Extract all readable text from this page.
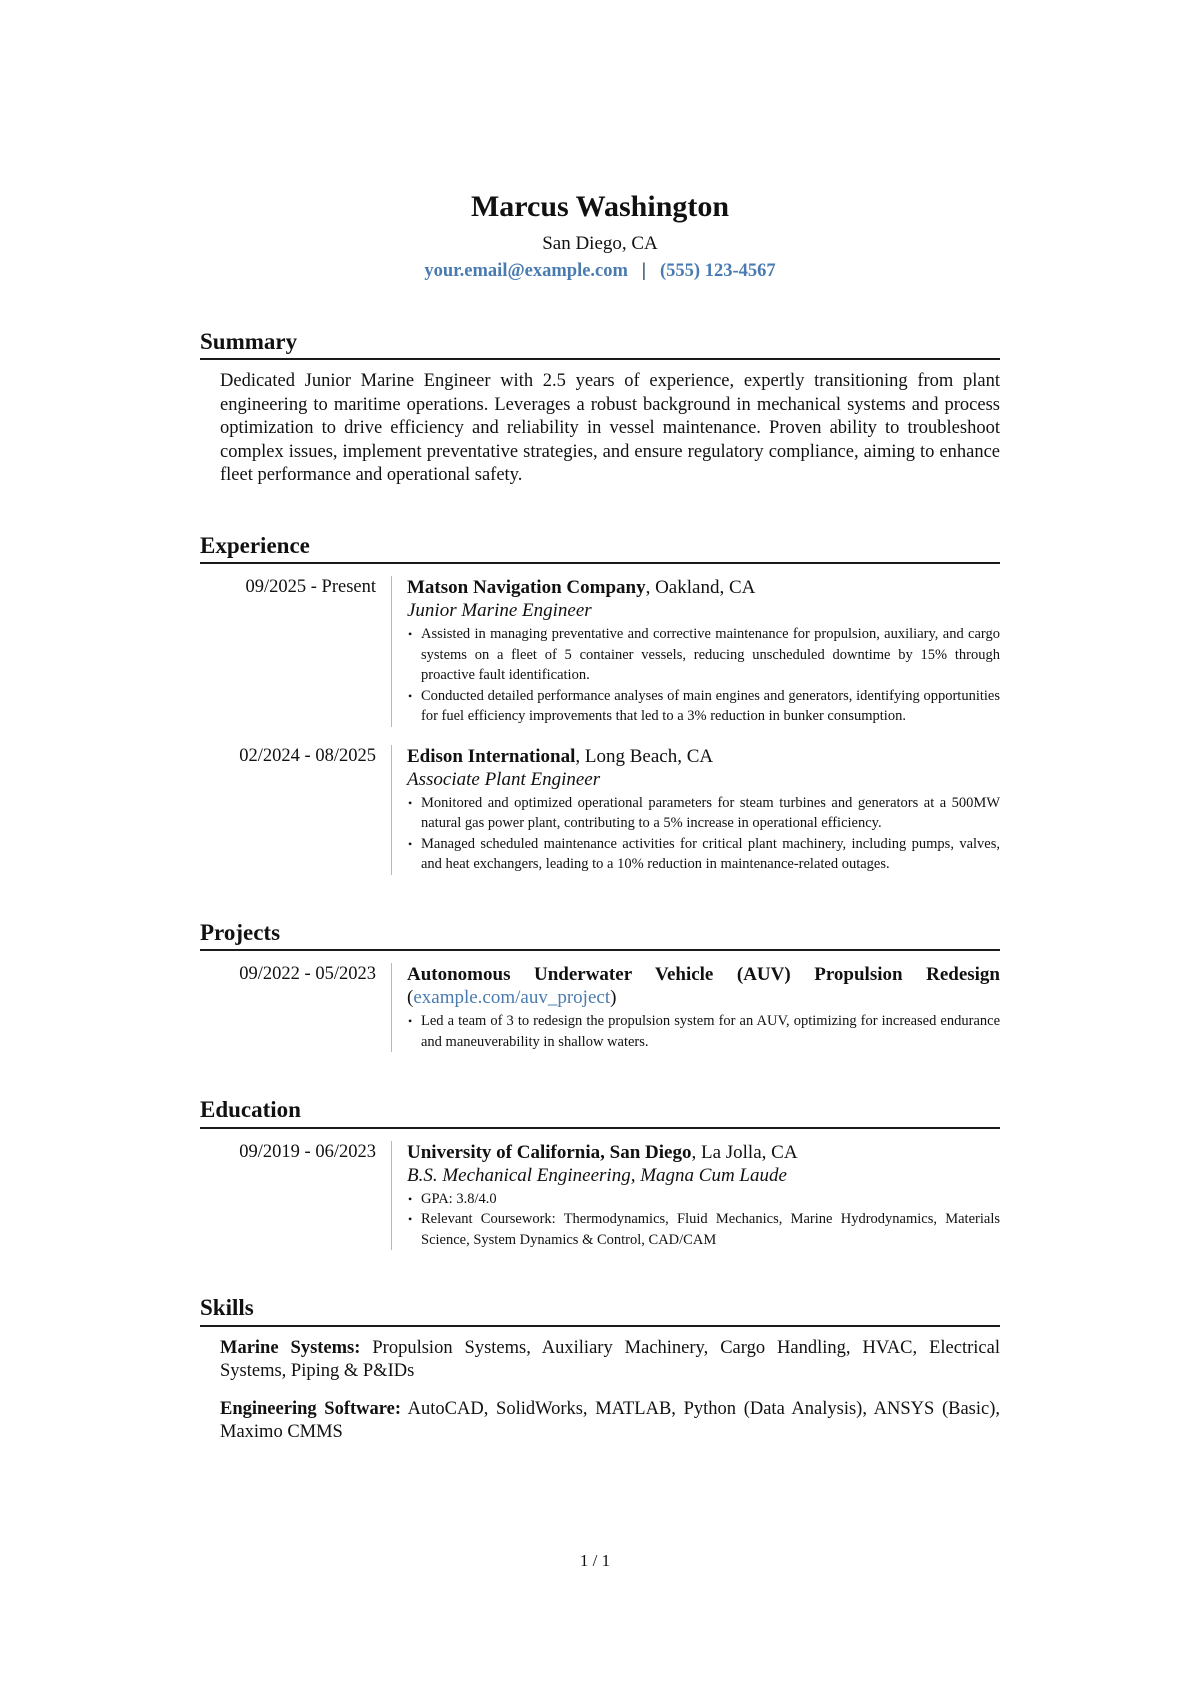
Marcus Washington
San Diego, CA
your.email@example.com | (555) 123-4567
Summary
Dedicated Junior Marine Engineer with 2.5 years of experience, expertly transitioning from plant engineering to maritime operations. Leverages a robust background in mechanical systems and process optimization to drive efficiency and reliability in vessel maintenance. Proven ability to troubleshoot complex issues, implement preventative strategies, and ensure regulatory compliance, aiming to enhance fleet performance and operational safety.
Experience
09/2025 - Present	Matson Navigation Company, Oakland, CA
Junior Marine Engineer
• Assisted in managing preventative and corrective maintenance for propulsion, auxiliary, and cargo systems on a fleet of 5 container vessels, reducing unscheduled downtime by 15% through proactive fault identification.
• Conducted detailed performance analyses of main engines and generators, identifying opportunities for fuel efficiency improvements that led to a 3% reduction in bunker consumption.
02/2024 - 08/2025	Edison International, Long Beach, CA
Associate Plant Engineer
• Monitored and optimized operational parameters for steam turbines and generators at a 500MW natural gas power plant, contributing to a 5% increase in operational efficiency.
• Managed scheduled maintenance activities for critical plant machinery, including pumps, valves, and heat exchangers, leading to a 10% reduction in maintenance-related outages.
Projects
09/2022 - 05/2023	Autonomous Underwater Vehicle (AUV) Propulsion Redesign
(example.com/auv_project)
• Led a team of 3 to redesign the propulsion system for an AUV, optimizing for increased endurance and maneuverability in shallow waters.
Education
09/2019 - 06/2023	University of California, San Diego, La Jolla, CA
B.S. Mechanical Engineering, Magna Cum Laude
• GPA: 3.8/4.0
• Relevant Coursework: Thermodynamics, Fluid Mechanics, Marine Hydrodynamics, Materials Science, System Dynamics & Control, CAD/CAM
Skills
Marine Systems: Propulsion Systems, Auxiliary Machinery, Cargo Handling, HVAC, Electrical Systems, Piping & P&IDs
Engineering Software: AutoCAD, SolidWorks, MATLAB, Python (Data Analysis), ANSYS (Basic), Maximo CMMS
1 / 1
